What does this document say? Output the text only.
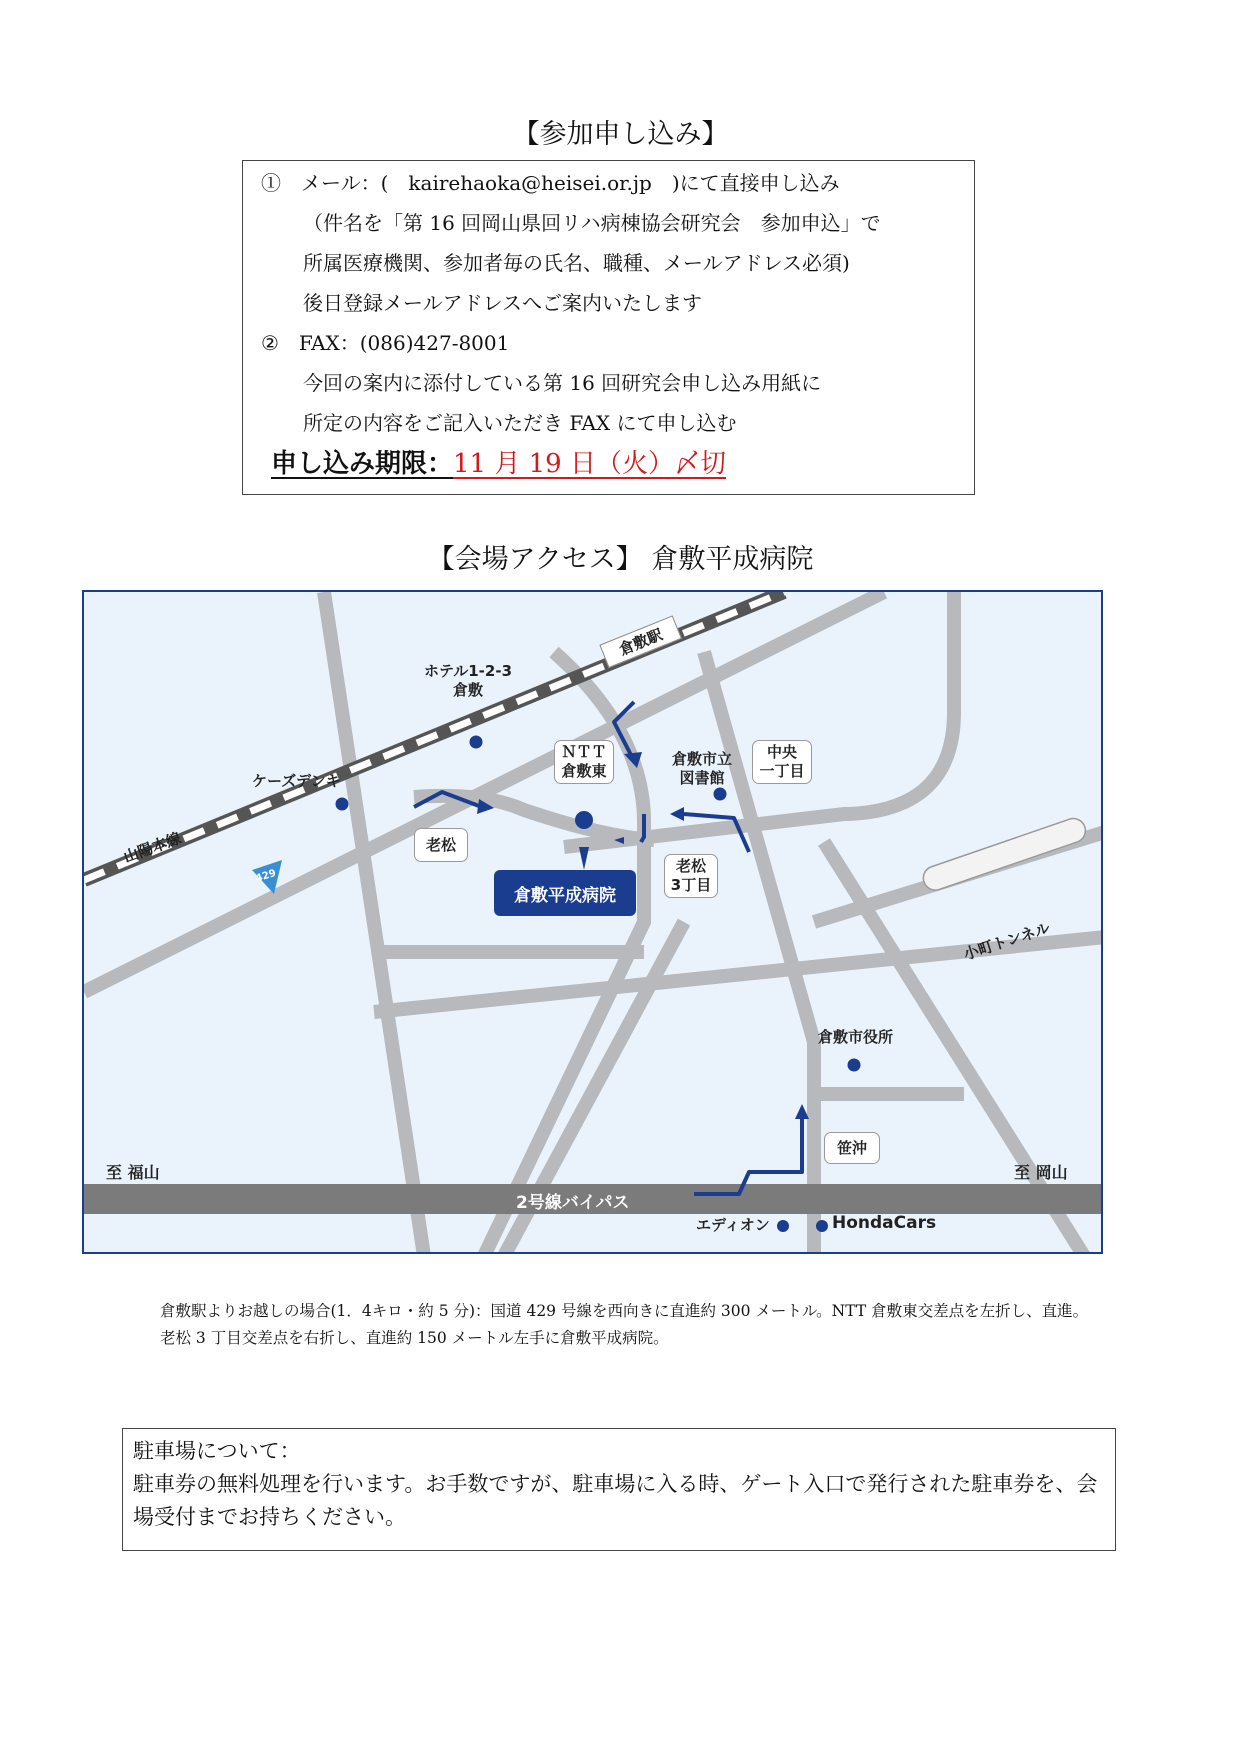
【参加申し込み】
①　メール：(　kairehaoka@heisei.or.jp　)にて直接申し込み
（件名を「第 16 回岡山県回リハ病棟協会研究会　参加申込」で
所属医療機関、参加者毎の氏名、職種、メールアドレス必須)
後日登録メールアドレスへご案内いたします
②　FAX：(086)427-8001
今回の案内に添付している第 16 回研究会申し込み用紙に
所定の内容をご記入いただき FAX にて申し込む
申し込み期限：11 月 19 日（火）〆切
【会場アクセス】 倉敷平成病院
倉敷駅
ホテル1-2-3
倉敷
ケーズデンキ
山陽本線
429
ＮＴＴ
倉敷東
倉敷市立
図書館
中央
一丁目
老松
老松
3丁目
倉敷平成病院
小町トンネル
倉敷市役所
笹沖
至 福山	至 岡山
2号線バイパス
エディオン	HondaCars
倉敷駅よりお越しの場合(1．4キロ・約 5 分)：国道 429 号線を西向きに直進約 300 メートル。NTT 倉敷東交差点を左折し、直進。老松 3 丁目交差点を右折し、直進約 150 メートル左手に倉敷平成病院。
駐車場について：
駐車券の無料処理を行います。お手数ですが、駐車場に入る時、ゲート入口で発行された駐車券を、会場受付までお持ちください。
